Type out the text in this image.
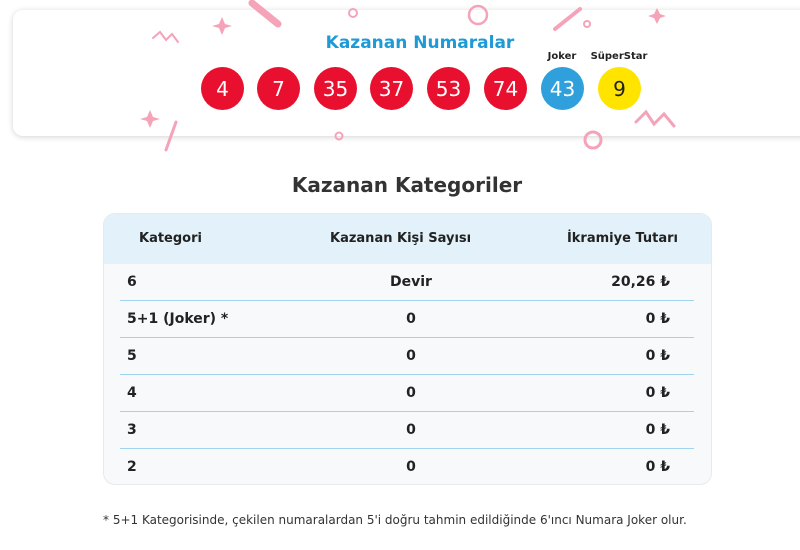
Kazanan Numaralar
4	7	35	37	53	74
Joker
43
SüperStar
9
Kazanan Kategoriler
Kategori	Kazanan Kişi Sayısı	İkramiye Tutarı
6	Devir	20,26 ₺
5+1 (Joker) *	0	0 ₺
5	0	0 ₺
4	0	0 ₺
3	0	0 ₺
2	0	0 ₺
* 5+1 Kategorisinde, çekilen numaralardan 5'i doğru tahmin edildiğinde 6'ıncı Numara Joker olur.
